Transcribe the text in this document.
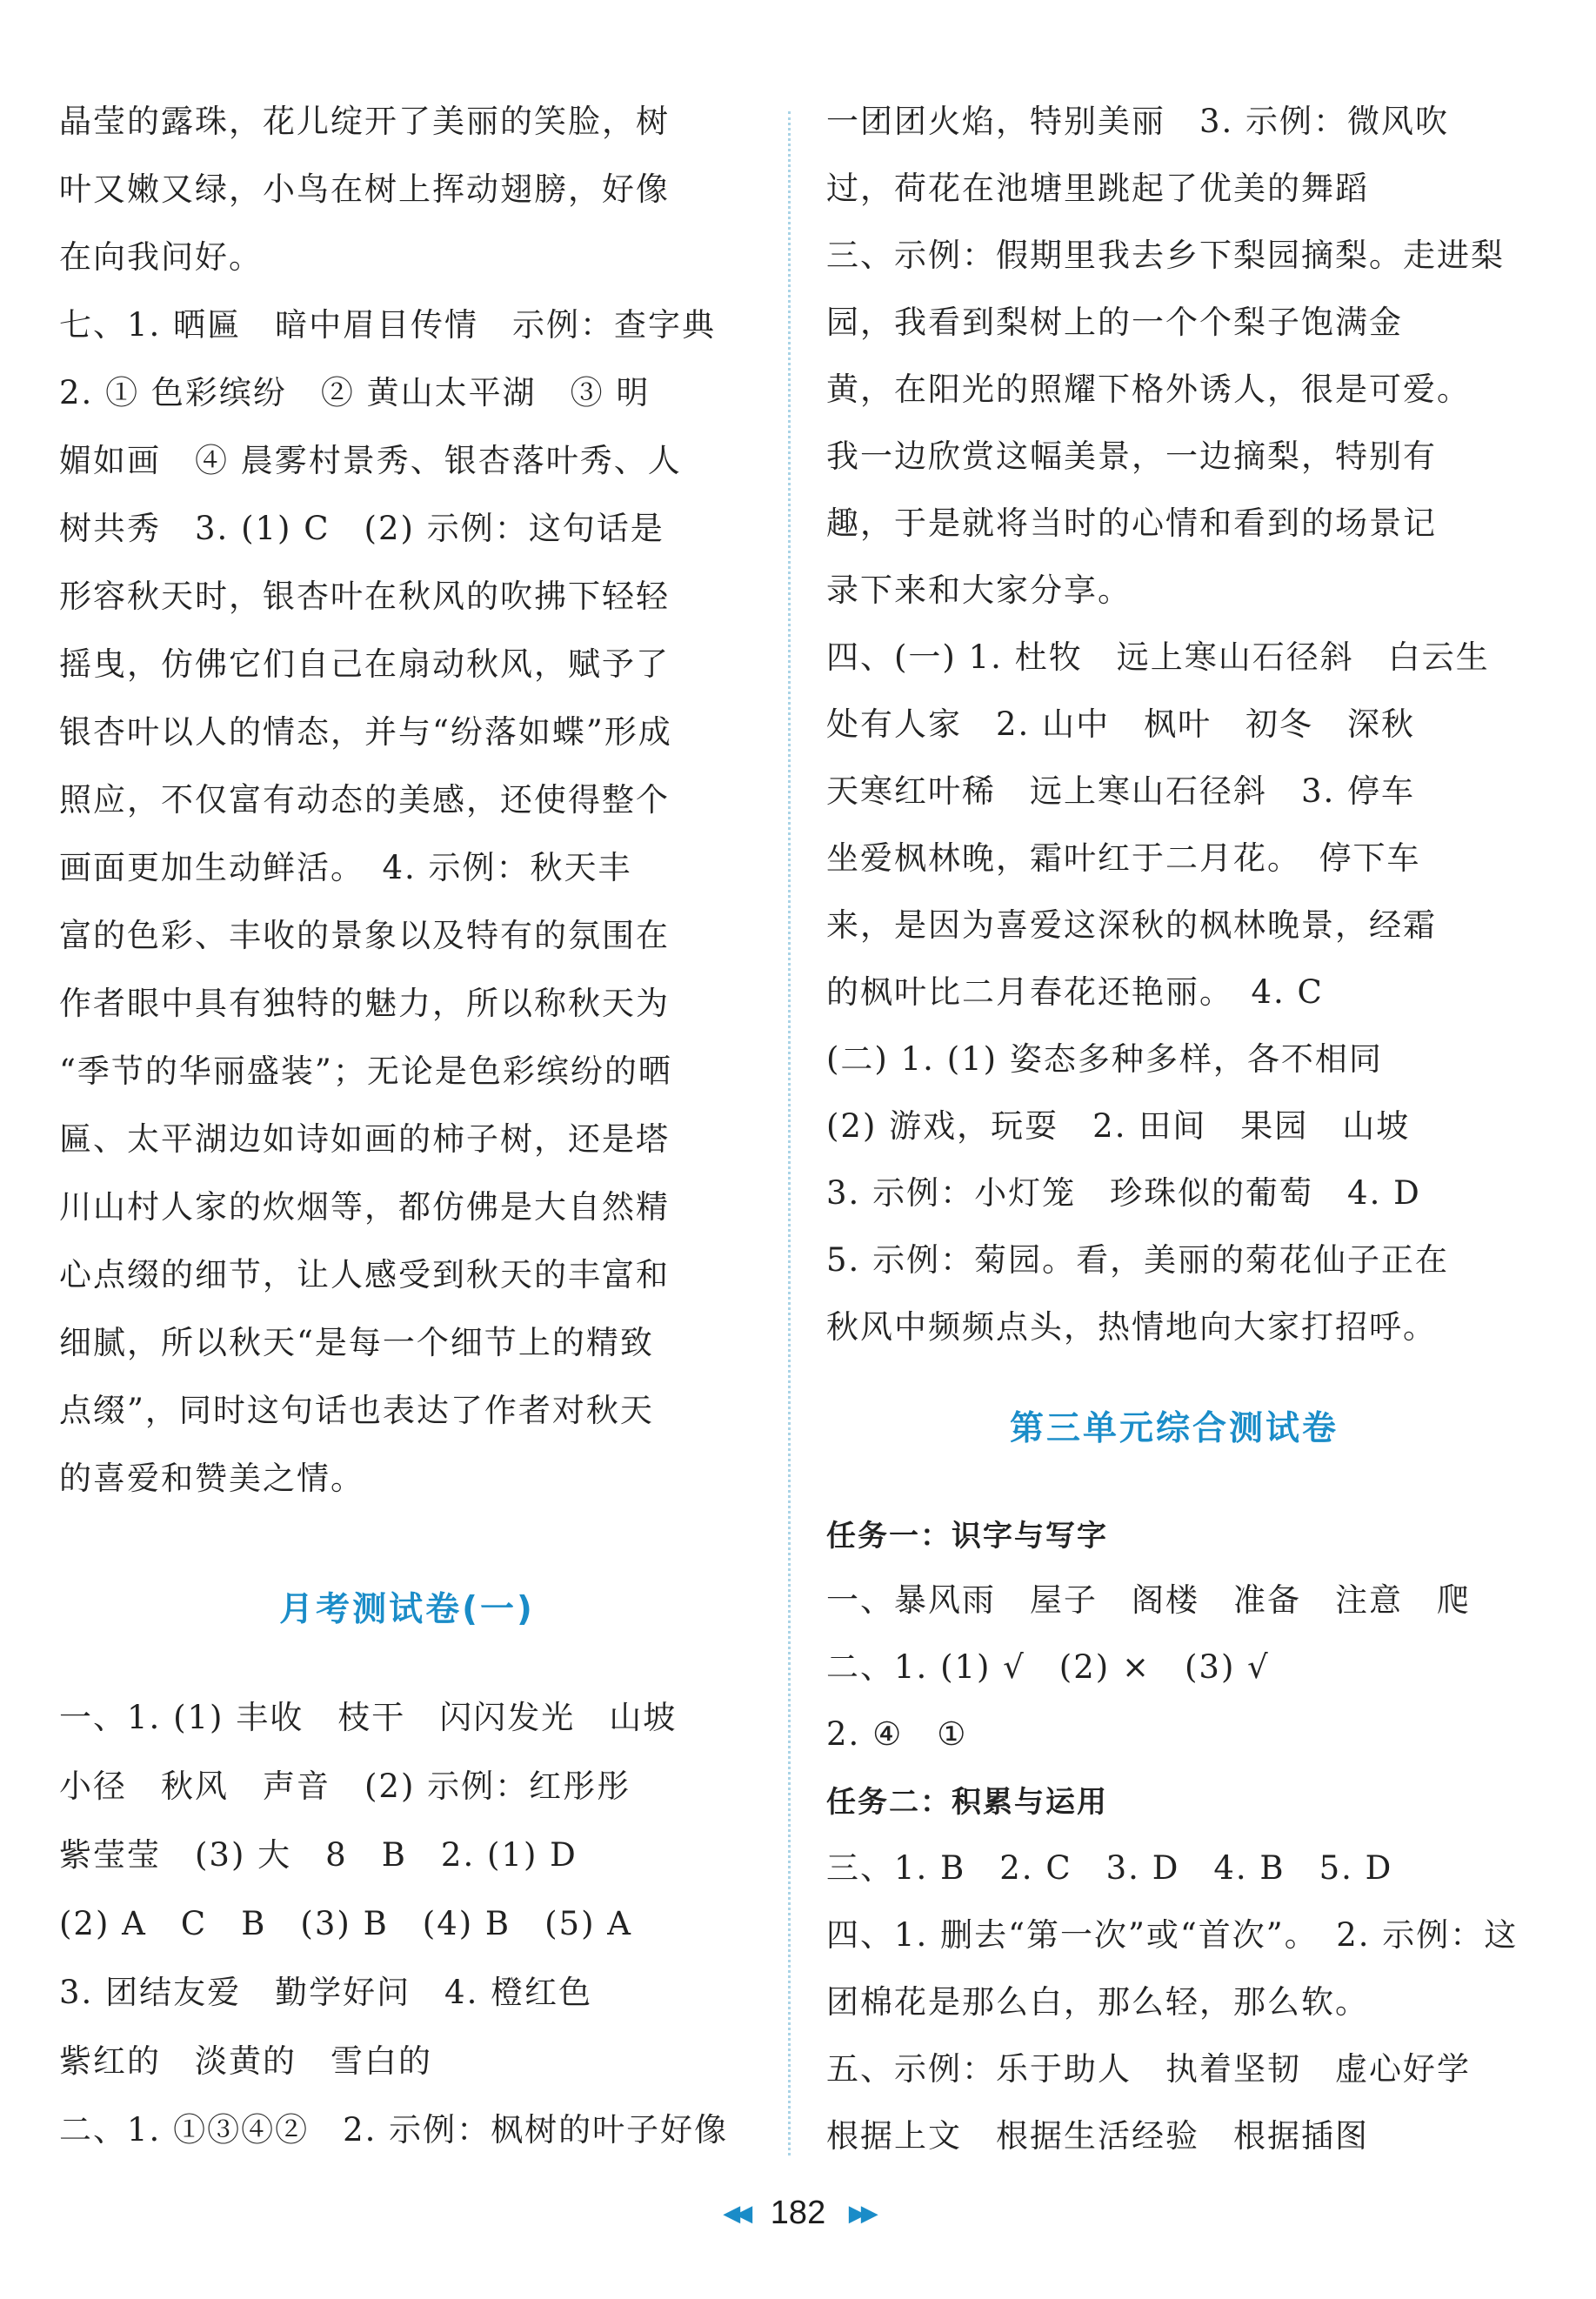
晶莹的露珠，花儿绽开了美丽的笑脸，树
叶又嫩又绿，小鸟在树上挥动翅膀，好像
在向我问好。
七、1. 晒匾　暗中眉目传情　示例：查字典
2. ① 色彩缤纷　② 黄山太平湖　③ 明
媚如画　④ 晨雾村景秀、银杏落叶秀、人
树共秀　3. (1) C　(2) 示例：这句话是
形容秋天时，银杏叶在秋风的吹拂下轻轻
摇曳，仿佛它们自己在扇动秋风，赋予了
银杏叶以人的情态，并与“纷落如蝶”形成
照应，不仅富有动态的美感，还使得整个
画面更加生动鲜活。　4. 示例：秋天丰
富的色彩、丰收的景象以及特有的氛围在
作者眼中具有独特的魅力，所以称秋天为
“季节的华丽盛装”；无论是色彩缤纷的晒
匾、太平湖边如诗如画的柿子树，还是塔
川山村人家的炊烟等，都仿佛是大自然精
心点缀的细节，让人感受到秋天的丰富和
细腻，所以秋天“是每一个细节上的精致
点缀”，同时这句话也表达了作者对秋天
的喜爱和赞美之情。
月考测试卷(一)
一、1. (1) 丰收　枝干　闪闪发光　山坡
小径　秋风　声音　(2) 示例：红彤彤
紫莹莹　(3) 大　8　B　2. (1) D
(2) A　C　B　(3) B　(4) B　(5) A
3. 团结友爱　勤学好问　4. 橙红色
紫红的　淡黄的　雪白的
二、1. ①③④②　2. 示例：枫树的叶子好像
一团团火焰，特别美丽　3. 示例：微风吹
过，荷花在池塘里跳起了优美的舞蹈
三、示例：假期里我去乡下梨园摘梨。走进梨
园，我看到梨树上的一个个梨子饱满金
黄，在阳光的照耀下格外诱人，很是可爱。
我一边欣赏这幅美景，一边摘梨，特别有
趣，于是就将当时的心情和看到的场景记
录下来和大家分享。
四、(一) 1. 杜牧　远上寒山石径斜　白云生
处有人家　2. 山中　枫叶　初冬　深秋
天寒红叶稀　远上寒山石径斜　3. 停车
坐爱枫林晚，霜叶红于二月花。　停下车
来，是因为喜爱这深秋的枫林晚景，经霜
的枫叶比二月春花还艳丽。　4. C
(二) 1. (1) 姿态多种多样，各不相同
(2) 游戏，玩耍　2. 田间　果园　山坡
3. 示例：小灯笼　珍珠似的葡萄　4. D
5. 示例：菊园。看，美丽的菊花仙子正在
秋风中频频点头，热情地向大家打招呼。
第三单元综合测试卷
任务一：识字与写字
一、暴风雨　屋子　阁楼　准备　注意　爬
二、1. (1) √　(2) ×　(3) √
2. ④　①
任务二：积累与运用
三、1. B　2. C　3. D　4. B　5. D
四、1. 删去“第一次”或“首次”。　2. 示例：这
团棉花是那么白，那么轻，那么软。
五、示例：乐于助人　执着坚韧　虚心好学
根据上文　根据生活经验　根据插图
◀◀ 182 ▶▶
